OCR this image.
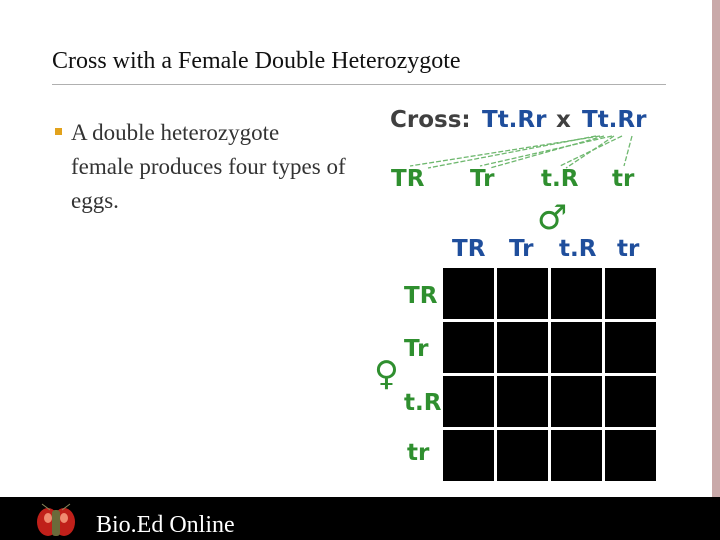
Cross with a Female Double Heterozygote
A double heterozygote female produces four types of eggs.
Cross: Tt.Rr x Tt.Rr
TR Tr t.R tr
♂
TR Tr t.R tr
♀
TR
Tr
t.R
tr
Bio.Ed Online
